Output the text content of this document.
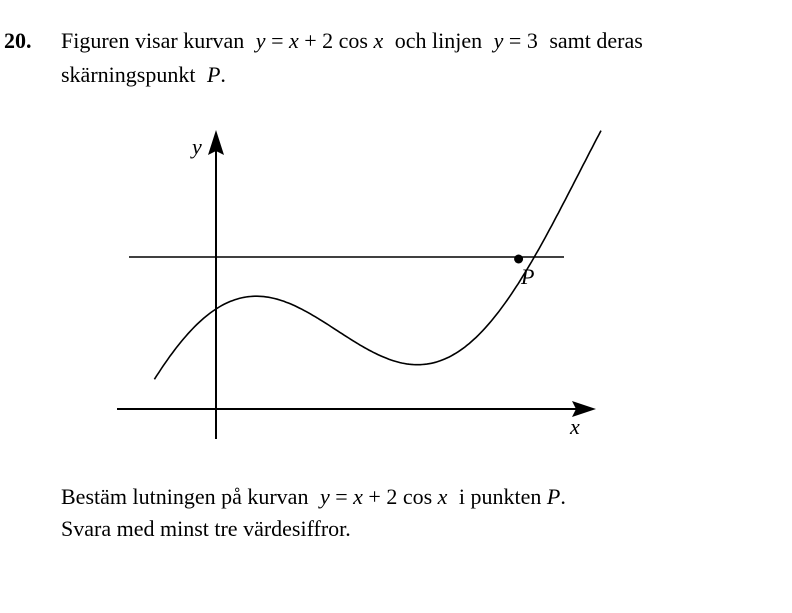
20. Figuren visar kurvan y = x + 2 cos x och linjen y = 3 samt deras
skärningspunkt P.
y
x
P
Bestäm lutningen på kurvan y = x + 2 cos x i punkten P.
Svara med minst tre värdesiffror.
